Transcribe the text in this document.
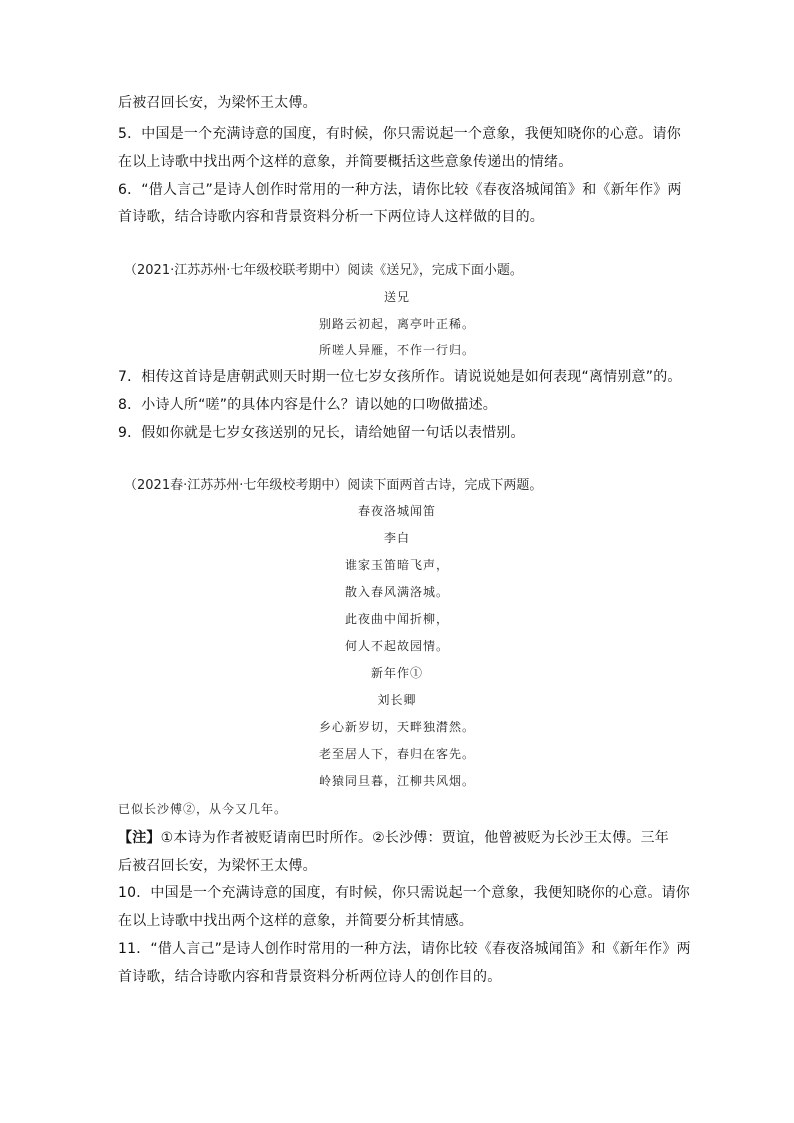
后被召回长安，为梁怀王太傅。
5．中国是一个充满诗意的国度，有时候，你只需说起一个意象，我便知晓你的心意。请你
在以上诗歌中找出两个这样的意象，并简要概括这些意象传递出的情绪。
6．“借人言己”是诗人创作时常用的一种方法，请你比较《春夜洛城闻笛》和《新年作》两
首诗歌，结合诗歌内容和背景资料分析一下两位诗人这样做的目的。
（2021·江苏苏州·七年级校联考期中）阅读《送兄》，完成下面小题。
送兄
别路云初起，离亭叶正稀。
所嗟人异雁，不作一行归。
7．相传这首诗是唐朝武则天时期一位七岁女孩所作。请说说她是如何表现“离情别意”的。
8．小诗人所“嗟”的具体内容是什么？请以她的口吻做描述。
9．假如你就是七岁女孩送别的兄长，请给她留一句话以表惜别。
（2021春·江苏苏州·七年级校考期中）阅读下面两首古诗，完成下两题。
春夜洛城闻笛
李白
谁家玉笛暗飞声，
散入春风满洛城。
此夜曲中闻折柳，
何人不起故园情。
新年作①
刘长卿
乡心新岁切，天畔独潸然。
老至居人下，春归在客先。
岭猿同旦暮，江柳共风烟。
已似长沙傅②，从今又几年。
【注】①本诗为作者被贬请南巴时所作。②长沙傅：贾谊，他曾被贬为长沙王太傅。三年
后被召回长安，为梁怀王太傅。
10．中国是一个充满诗意的国度，有时候，你只需说起一个意象，我便知晓你的心意。请你
在以上诗歌中找出两个这样的意象，并简要分析其情感。
11．“借人言己”是诗人创作时常用的一种方法，请你比较《春夜洛城闻笛》和《新年作》两
首诗歌，结合诗歌内容和背景资料分析两位诗人的创作目的。
